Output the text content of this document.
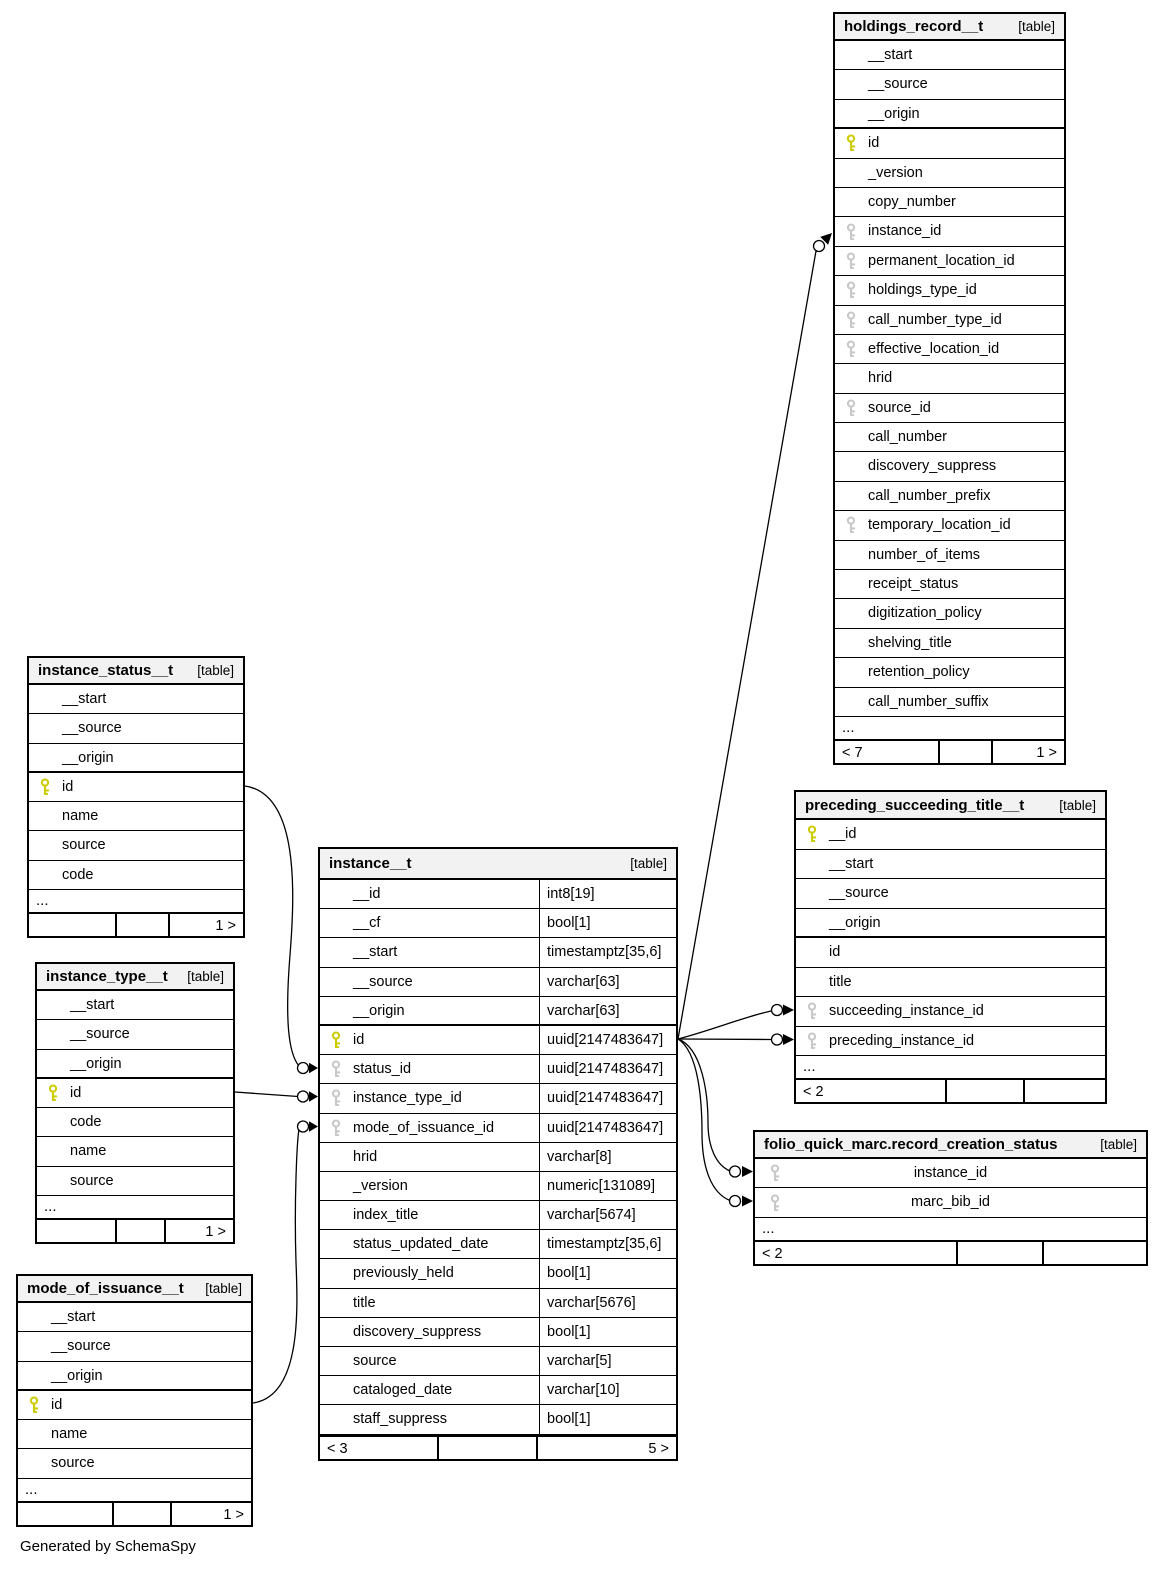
holdings_record__t	[table]
__start
__source
__origin
id
_version
copy_number
instance_id
permanent_location_id
holdings_type_id
call_number_type_id
effective_location_id
hrid
source_id
call_number
discovery_suppress
call_number_prefix
temporary_location_id
number_of_items
receipt_status
digitization_policy
shelving_title
retention_policy
call_number_suffix
...
< 7	1 >
instance_status__t [table]
__start
__source
__origin
id
name
source
code
...
1 >
instance_type__t [table]
__start
__source
__origin
id
code
name
source
...
1 >
mode_of_issuance__t [table]
__start
__source
__origin
id
name
source
...
1 >
instance__t	[table]
__id	int8[19]
__cf	bool[1]
__start	timestamptz[35,6]
__source	varchar[63]
__origin	varchar[63]
id	uuid[2147483647]
status_id	uuid[2147483647]
instance_type_id	uuid[2147483647]
mode_of_issuance_id	uuid[2147483647]
hrid	varchar[8]
_version	numeric[131089]
index_title	varchar[5674]
status_updated_date	timestamptz[35,6]
previously_held	bool[1]
title	varchar[5676]
discovery_suppress	bool[1]
source	varchar[5]
cataloged_date	varchar[10]
staff_suppress	bool[1]
< 3	5 >
preceding_succeeding_title__t	[table]
__id
__start
__source
__origin
id
title
succeeding_instance_id
preceding_instance_id
...
< 2
folio_quick_marc.record_creation_status	[table]
instance_id
marc_bib_id
...
< 2
Generated by SchemaSpy
